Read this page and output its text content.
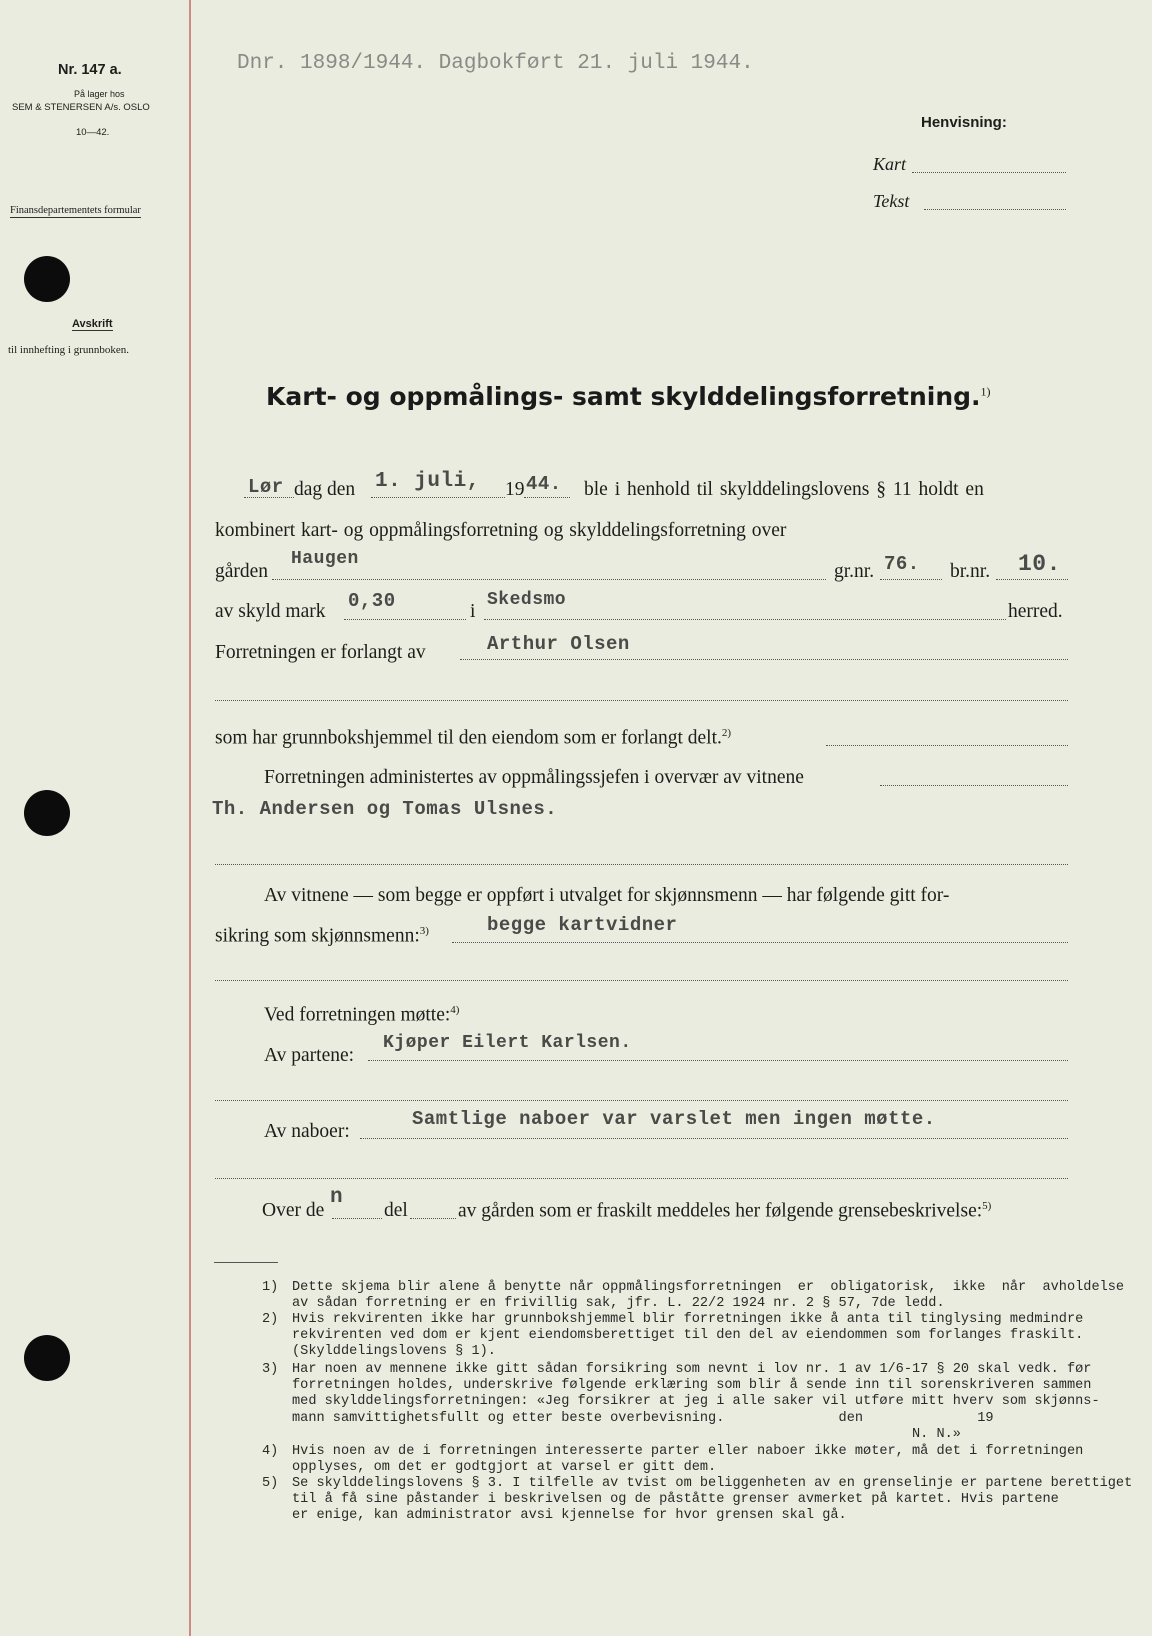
Nr. 147 a.
På lager hos
SEM & STENERSEN A/s. OSLO
10—42.
Finansdepartementets formular
Avskrift
til innhefting i grunnboken.
Dnr. 1898/1944. Dagbokført 21. juli 1944.
Henvisning:
Kart
Tekst
Kart- og oppmålings- samt skylddelingsforretning.$^{1)}$
Lør dag den 1. juli, 19 44. ble i henhold til skylddelingslovens § 11 holdt en
kombinert kart- og oppmålingsforretning og skylddelingsforretning over
gården
Haugen
gr.nr. 76. br.nr. 10.
av skyld mark 0,30	i
Skedsmo
herred.
Forretningen er forlangt av	Arthur Olsen
som har grunnbokshjemmel til den eiendom som er forlangt delt.$^{2)}$
Forretningen administertes av oppmålingssjefen i overvær av vitnene
Th. Andersen og Tomas Ulsnes.
Av vitnene — som begge er oppført i utvalget for skjønnsmenn — har følgende gitt for-
sikring som skjønnsmenn:$^{3)}$	begge kartvidner
Ved forretningen møtte:$^{4)}$
Av partene:
Kjøper Eilert Karlsen.
Av naboer:
Samtlige naboer var varslet men ingen møtte.
Over de
n
del	av gården som er fraskilt meddeles her følgende grensebeskrivelse:$^{5)}$
1) Dette skjema blir alene å benytte når oppmålingsforretningen  er  obligatorisk,  ikke  når  avholdelse
av sådan forretning er en frivillig sak, jfr. L. 22/2 1924 nr. 2 § 57, 7de ledd.
2) Hvis rekvirenten ikke har grunnbokshjemmel blir forretningen ikke å anta til tinglysing medmindre
rekvirenten ved dom er kjent eiendomsberettiget til den del av eiendommen som forlanges fraskilt.
(Skylddelingslovens § 1).
3) Har noen av mennene ikke gitt sådan forsikring som nevnt i lov nr. 1 av 1/6-17 § 20 skal vedk. før
forretningen holdes, underskrive følgende erklæring som blir å sende inn til sorenskriveren sammen
med skylddelingsforretningen: «Jeg forsikrer at jeg i alle saker vil utføre mitt hverv som skjønns-
mann samvittighetsfullt og etter beste overbevisning.              den              19
N. N.»
4) Hvis noen av de i forretningen interesserte parter eller naboer ikke møter, må det i forretningen
opplyses, om det er godtgjort at varsel er gitt dem.
5) Se skylddelingslovens § 3. I tilfelle av tvist om beliggenheten av en grenselinje er partene berettiget
til å få sine påstander i beskrivelsen og de påståtte grenser avmerket på kartet. Hvis partene
er enige, kan administrator avsi kjennelse for hvor grensen skal gå.
